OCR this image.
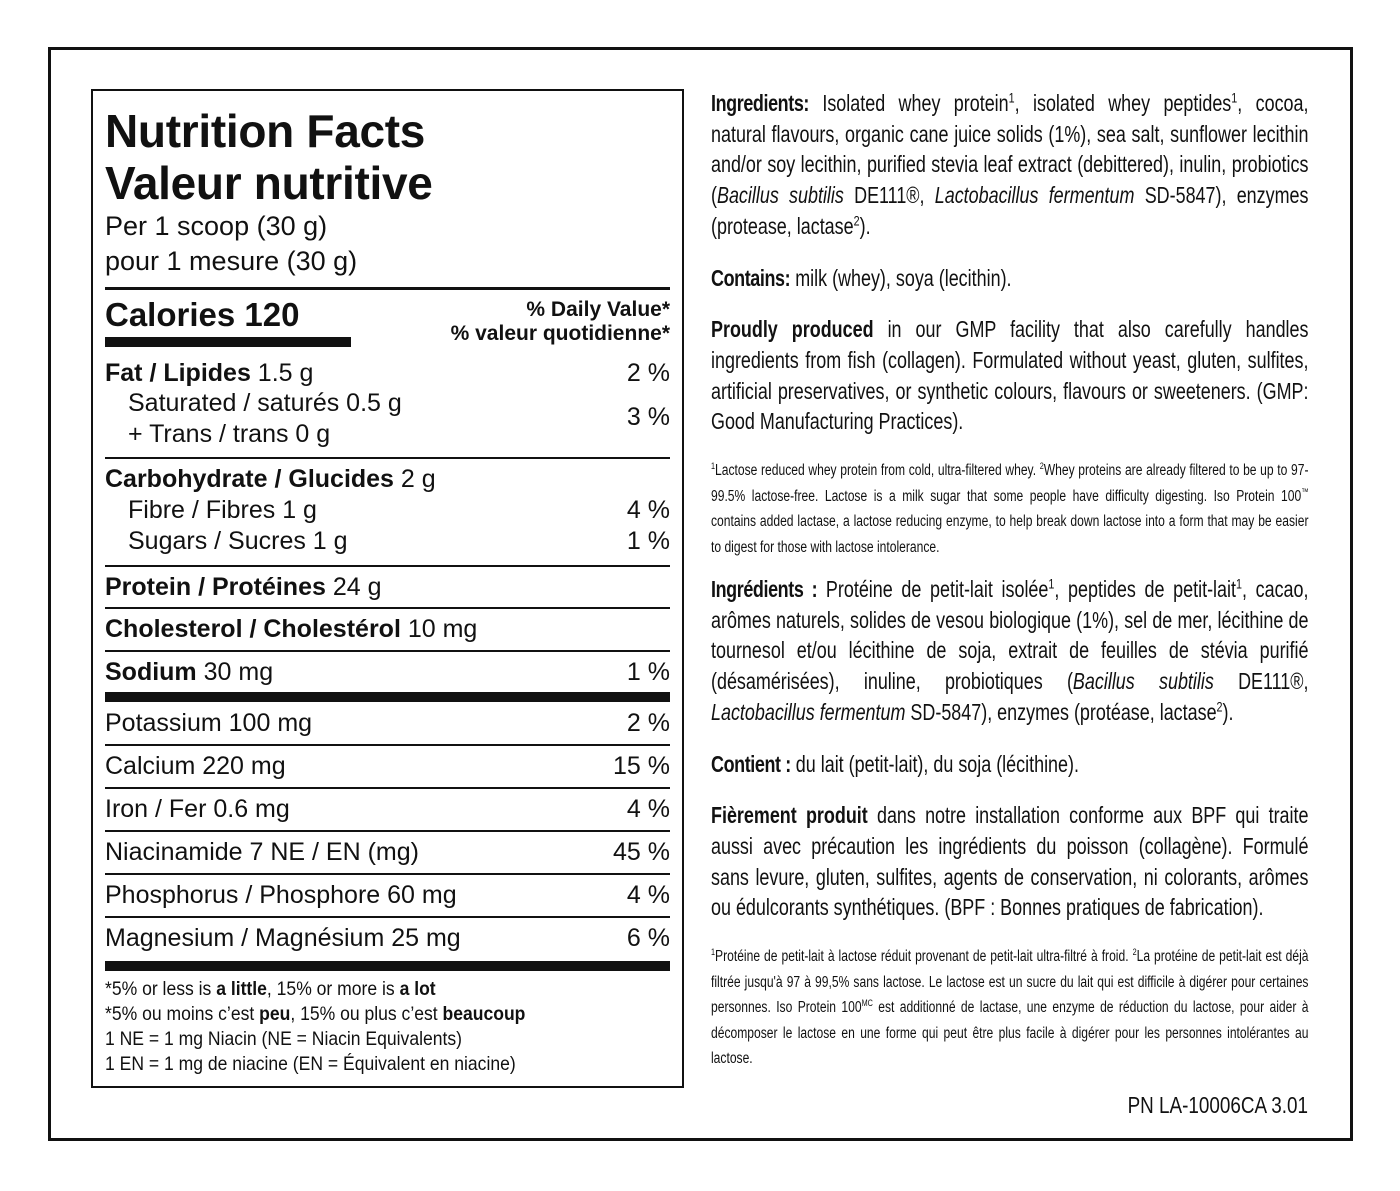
Nutrition Facts
Valeur nutritive
Per 1 scoop (30 g)
pour 1 mesure (30 g)
Calories 120	% Daily Value*
% valeur quotidienne*
Fat / Lipides 1.5 g	2 %
Saturated / saturés 0.5 g	3 %
+ Trans / trans 0 g
Carbohydrate / Glucides 2 g
Fibre / Fibres 1 g	4 %
Sugars / Sucres 1 g	1 %
Protein / Protéines 24 g
Cholesterol / Cholestérol 10 mg
Sodium 30 mg	1 %
Potassium 100 mg	2 %
Calcium 220 mg	15 %
Iron / Fer 0.6 mg	4 %
Niacinamide 7 NE / EN (mg)	45 %
Phosphorus / Phosphore 60 mg	4 %
Magnesium / Magnésium 25 mg	6 %
*5% or less is a little, 15% or more is a lot
*5% ou moins c’est peu, 15% ou plus c’est beaucoup
1 NE = 1 mg Niacin (NE = Niacin Equivalents)
1 EN = 1 mg de niacine (EN = Équivalent en niacine)

Ingredients: Isolated whey protein$^1$, isolated whey peptides$^1$, cocoa, natural flavours, organic cane juice solids (1%), sea salt, sunflower lecithin and/or soy lecithin, purified stevia leaf extract (debittered), inulin, probiotics (Bacillus subtilis DE111®, Lactobacillus fermentum SD-5847), enzymes (protease, lactase$^2$).

Contains: milk (whey), soya (lecithin).

Proudly produced in our GMP facility that also carefully handles ingredients from fish (collagen). Formulated without yeast, gluten, sulfites, artificial preservatives, or synthetic colours, flavours or sweeteners. (GMP: Good Manufacturing Practices).

$^1$Lactose reduced whey protein from cold, ultra-filtered whey. $^2$Whey proteins are already filtered to be up to 97-99.5% lactose-free. Lactose is a milk sugar that some people have difficulty digesting. Iso Protein 100™ contains added lactase, a lactose reducing enzyme, to help break down lactose into a form that may be easier to digest for those with lactose intolerance.

Ingrédients : Protéine de petit-lait isolée$^1$, peptides de petit-lait$^1$, cacao, arômes naturels, solides de vesou biologique (1%), sel de mer, lécithine de tournesol et/ou lécithine de soja, extrait de feuilles de stévia purifié (désamérisées), inuline, probiotiques (Bacillus subtilis DE111®, Lactobacillus fermentum SD-5847), enzymes (protéase, lactase$^2$).

Contient : du lait (petit-lait), du soja (lécithine).

Fièrement produit dans notre installation conforme aux BPF qui traite aussi avec précaution les ingrédients du poisson (collagène). Formulé sans levure, gluten, sulfites, agents de conservation, ni colorants, arômes ou édulcorants synthétiques. (BPF : Bonnes pratiques de fabrication).

$^1$Protéine de petit-lait à lactose réduit provenant de petit-lait ultra-filtré à froid. $^2$La protéine de petit-lait est déjà filtrée jusqu'à 97 à 99,5% sans lactose. Le lactose est un sucre du lait qui est difficile à digérer pour certaines personnes. Iso Protein $100^{MC}$ est additionné de lactase, une enzyme de réduction du lactose, pour aider à décomposer le lactose en une forme qui peut être plus facile à digérer pour les personnes intolérantes au lactose.

PN LA-10006CA 3.01
